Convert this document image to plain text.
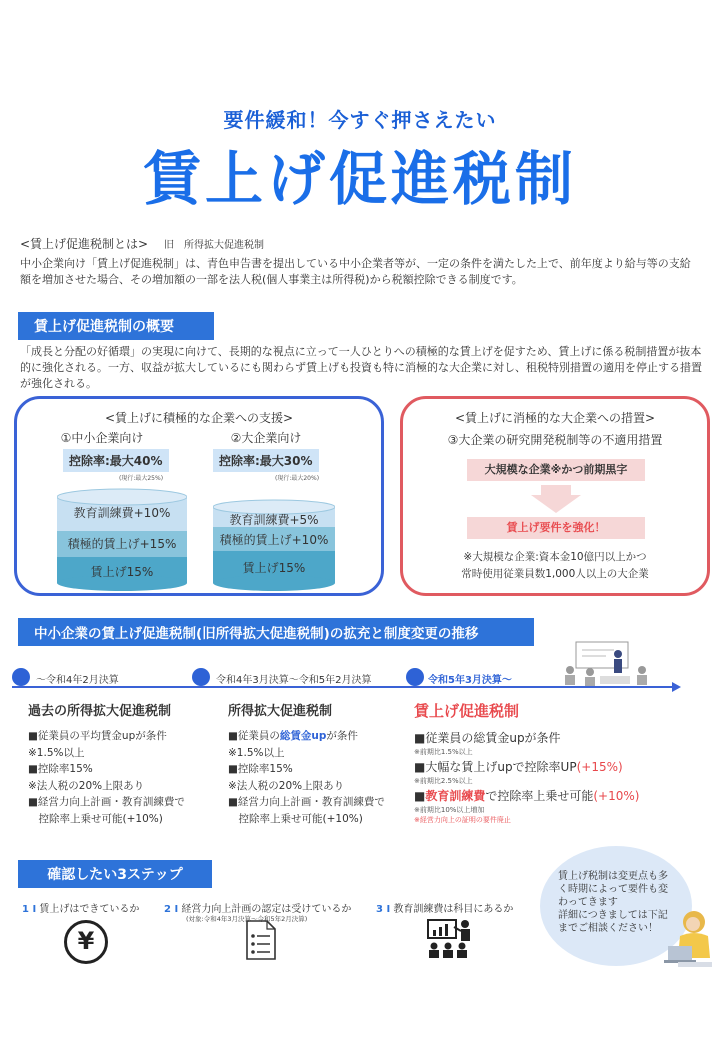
要件緩和！今すぐ押さえたい
賃上げ促進税制
<賃上げ促進税制とは> 旧　所得拡大促進税制
中小企業向け「賃上げ促進税制」は、青色申告書を提出している中小企業者等が、一定の条件を満たした上で、前年度より給与等の支給額を増加させた場合、その増加額の一部を法人税(個人事業主は所得税)から税額控除できる制度です。
賃上げ促進税制の概要
「成長と分配の好循環」の実現に向けて、長期的な視点に立って一人ひとりへの積極的な賃上げを促すため、賃上げに係る税制措置が抜本的に強化される。一方、収益が拡大しているにも関わらず賃上げも投資も特に消極的な大企業に対し、租税特別措置の適用を停止する措置が強化される。
<賃上げに積極的な企業への支援>
①中小企業向け
控除率:最大40%
(現行:最大25%)
教育訓練費+10%
積極的賃上げ+15%
賃上げ15%
②大企業向け
控除率:最大30%
(現行:最大20%)
教育訓練費+5%
積極的賃上げ+10%
賃上げ15%
<賃上げに消極的な大企業への措置>
③大企業の研究開発税制等の不適用措置
大規模な企業※かつ前期黒字
賃上げ要件を強化！
※大規模な企業:資本金10億円以上かつ
常時使用従業員数1,000人以上の大企業
中小企業の賃上げ促進税制(旧所得拡大促進税制)の拡充と制度変更の推移
～令和4年2月決算	令和4年3月決算～令和5年2月決算	令和5年3月決算～
過去の所得拡大促進税制
■従業員の平均賃金upが条件
※1.5%以上
■控除率15%
※法人税の20%上限あり
■経営力向上計画・教育訓練費で
　控除率上乗せ可能(+10%)
所得拡大促進税制
■従業員の総賃金upが条件
※1.5%以上
■控除率15%
※法人税の20%上限あり
■経営力向上計画・教育訓練費で
　控除率上乗せ可能(+10%)
賃上げ促進税制
■従業員の総賃金upが条件
※前期比1.5%以上
■大幅な賃上げupで控除率UP(+15%)
※前期比2.5%以上
■教育訓練費で控除率上乗せ可能(+10%)
※前期比10%以上増加
※経営力向上の証明の要件廃止
確認したい3ステップ
1 I 賃上げはできているか 2 I 経営力向上計画の認定は受けているか
(対象:令和4年3月決算～令和5年2月決算)
3 I 教育訓練費は科目にあるか
¥
賃上げ税制は変更点も多
く時期によって要件も変
わってきます
詳細につきましては下記
までご相談ください！
